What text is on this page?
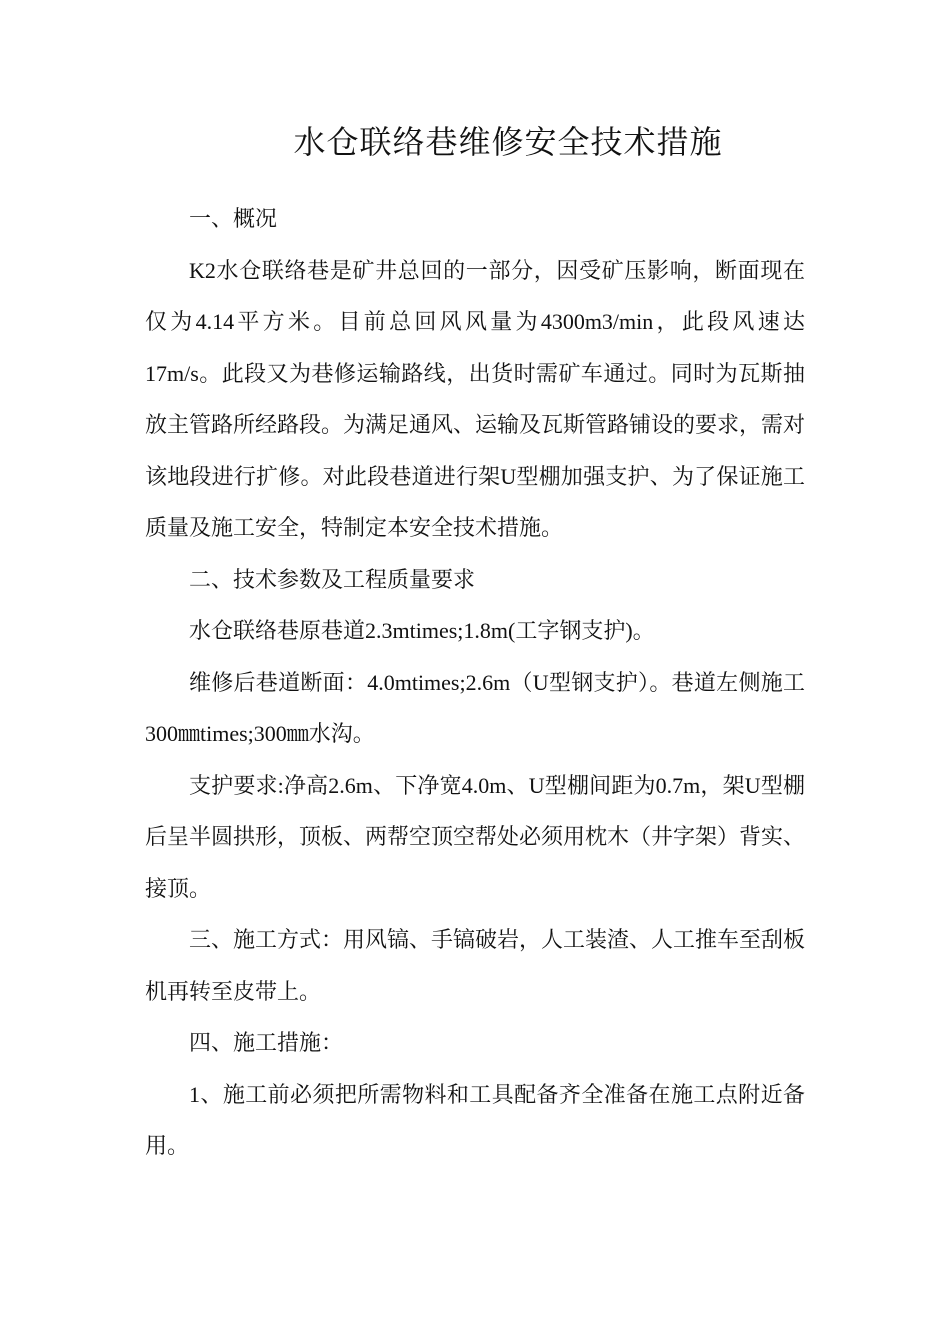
水仓联络巷维修安全技术措施

一、概况

K2水仓联络巷是矿井总回的一部分，因受矿压影响，断面现在仅为4.14平方米。目前总回风风量为4300m3/min，此段风速达17m/s。此段又为巷修运输路线，出货时需矿车通过。同时为瓦斯抽放主管路所经路段。为满足通风、运输及瓦斯管路铺设的要求，需对该地段进行扩修。对此段巷道进行架U型棚加强支护、为了保证施工质量及施工安全，特制定本安全技术措施。

二、技术参数及工程质量要求

水仓联络巷原巷道2.3mtimes;1.8m(工字钢支护)。

维修后巷道断面：4.0mtimes;2.6m（U型钢支护）。巷道左侧施工300㎜times;300㎜水沟。

支护要求:净高2.6m、下净宽4.0m、U型棚间距为0.7m，架U型棚后呈半圆拱形，顶板、两帮空顶空帮处必须用枕木（井字架）背实、接顶。

三、施工方式：用风镐、手镐破岩，人工装渣、人工推车至刮板机再转至皮带上。

四、施工措施：

1、施工前必须把所需物料和工具配备齐全准备在施工点附近备用。
